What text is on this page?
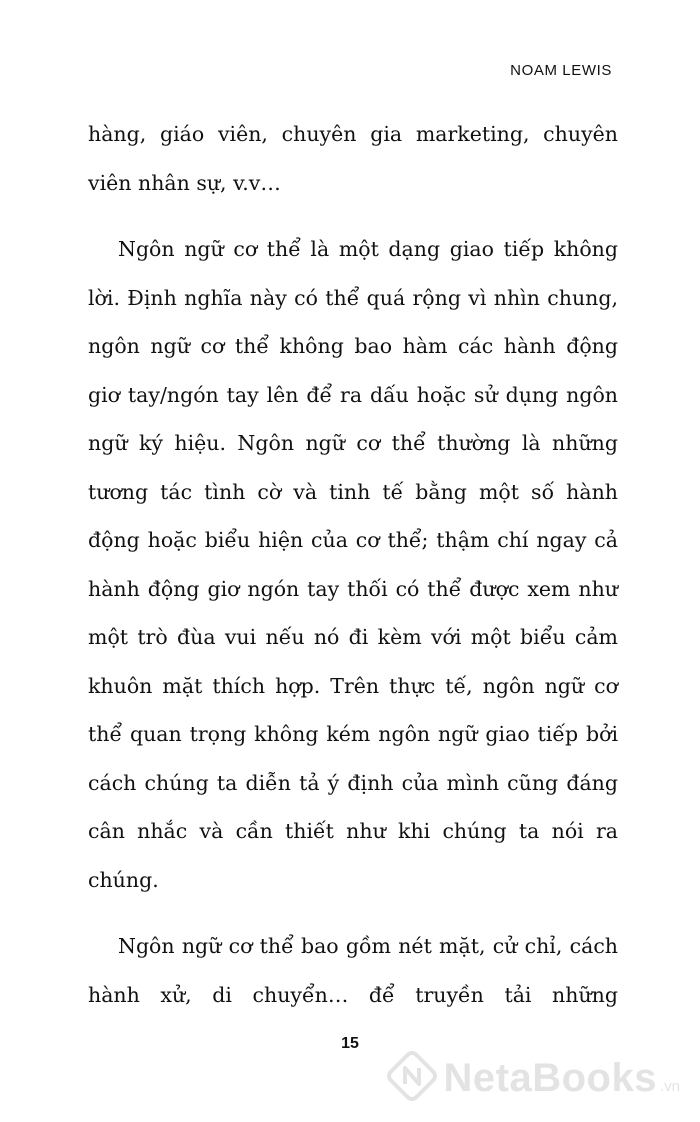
NOAM LEWIS

hàng, giáo viên, chuyên gia marketing, chuyên viên nhân sự, v.v…

Ngôn ngữ cơ thể là một dạng giao tiếp không lời. Định nghĩa này có thể quá rộng vì nhìn chung, ngôn ngữ cơ thể không bao hàm các hành động giơ tay/ngón tay lên để ra dấu hoặc sử dụng ngôn ngữ ký hiệu. Ngôn ngữ cơ thể thường là những tương tác tình cờ và tinh tế bằng một số hành động hoặc biểu hiện của cơ thể; thậm chí ngay cả hành động giơ ngón tay thối có thể được xem như một trò đùa vui nếu nó đi kèm với một biểu cảm khuôn mặt thích hợp. Trên thực tế, ngôn ngữ cơ thể quan trọng không kém ngôn ngữ giao tiếp bởi cách chúng ta diễn tả ý định của mình cũng đáng cân nhắc và cần thiết như khi chúng ta nói ra chúng.

Ngôn ngữ cơ thể bao gồm nét mặt, cử chỉ, cách hành xử, di chuyển… để truyền tải những

15
NetaBooks .vn
